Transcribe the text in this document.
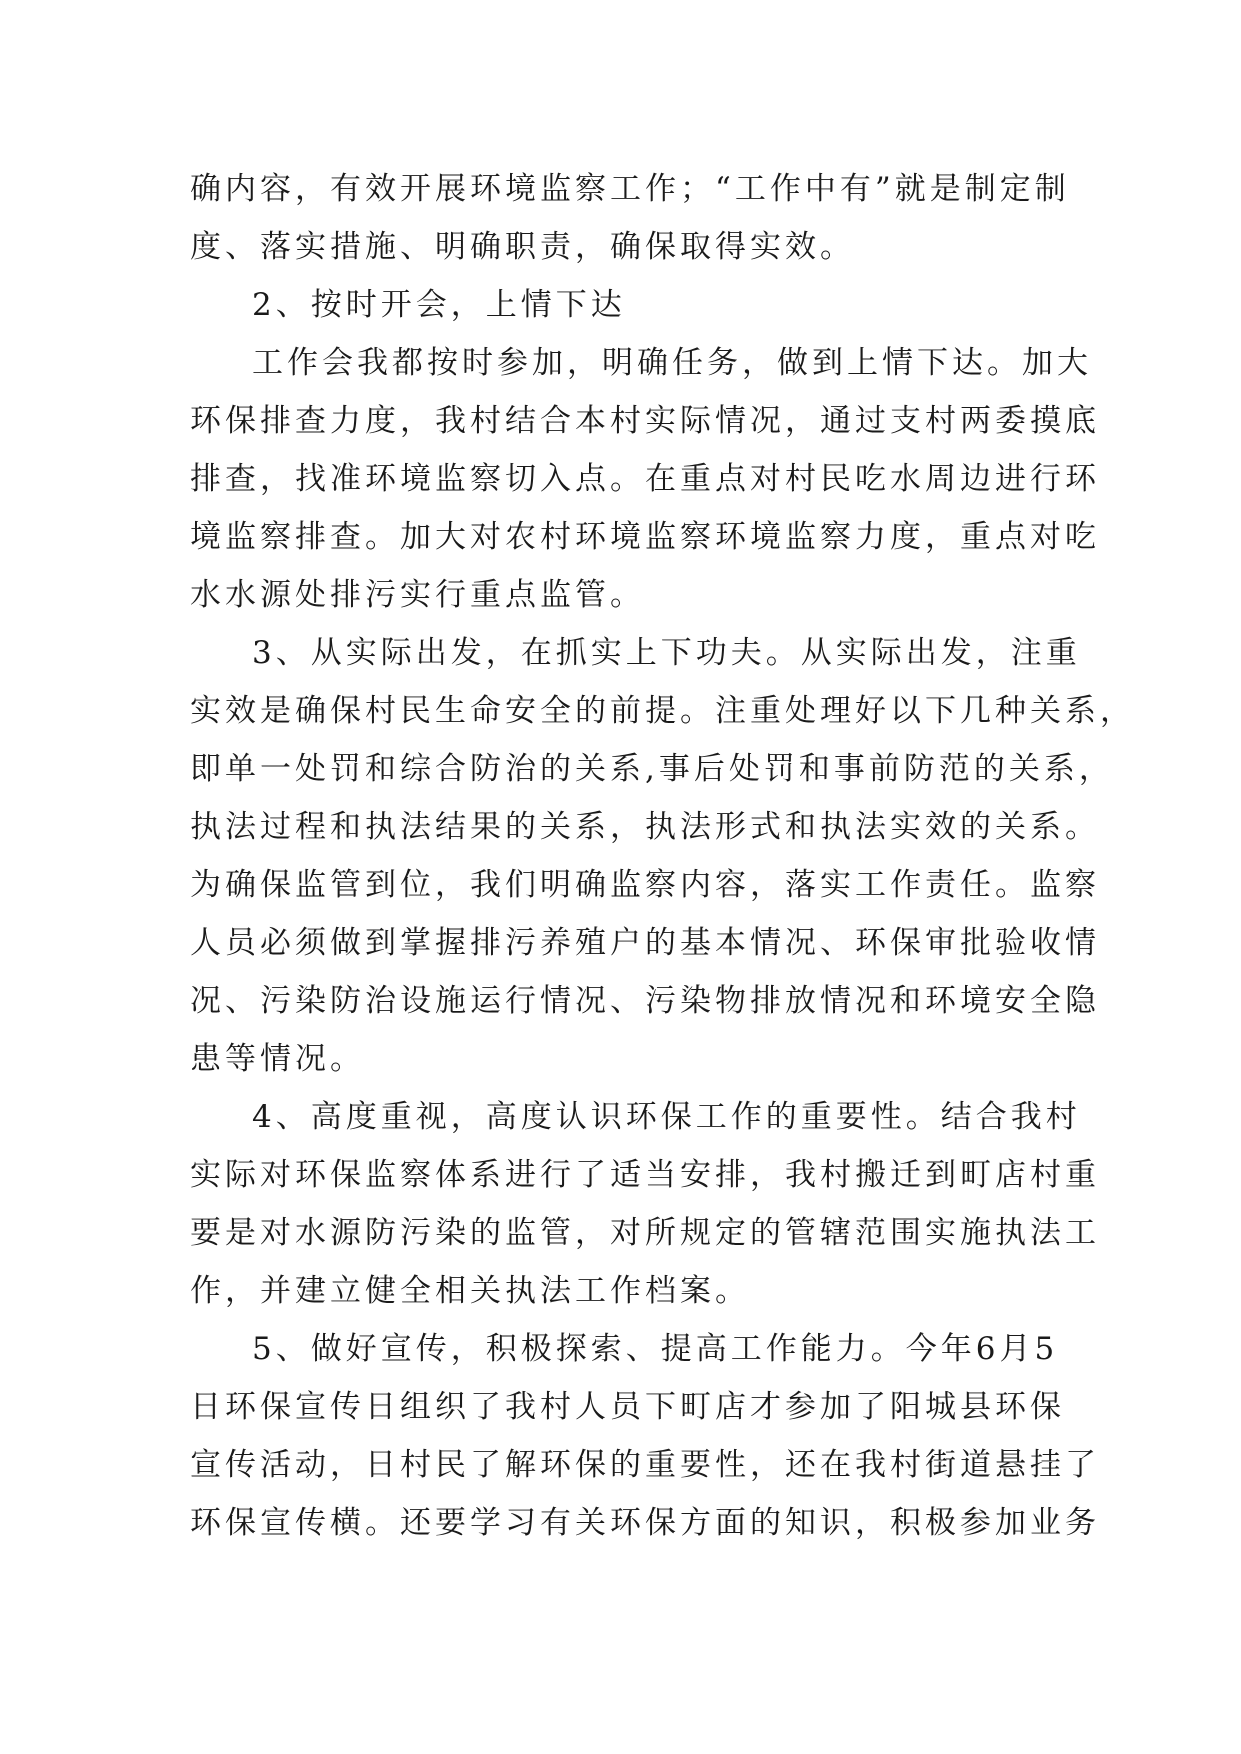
确内容，有效开展环境监察工作；“工作中有”就是制定制
度、落实措施、明确职责，确保取得实效。
2、按时开会，上情下达
工作会我都按时参加，明确任务，做到上情下达。加大
环保排查力度，我村结合本村实际情况，通过支村两委摸底
排查，找准环境监察切入点。在重点对村民吃水周边进行环
境监察排查。加大对农村环境监察环境监察力度，重点对吃
水水源处排污实行重点监管。
3、从实际出发，在抓实上下功夫。从实际出发，注重
实效是确保村民生命安全的前提。注重处理好以下几种关系，
即单一处罚和综合防治的关系,事后处罚和事前防范的关系，
执法过程和执法结果的关系，执法形式和执法实效的关系。
为确保监管到位，我们明确监察内容，落实工作责任。监察
人员必须做到掌握排污养殖户的基本情况、环保审批验收情
况、污染防治设施运行情况、污染物排放情况和环境安全隐
患等情况。
4、高度重视，高度认识环保工作的重要性。结合我村
实际对环保监察体系进行了适当安排，我村搬迁到町店村重
要是对水源防污染的监管，对所规定的管辖范围实施执法工
作，并建立健全相关执法工作档案。
5、做好宣传，积极探索、提高工作能力。今年6月5
日环保宣传日组织了我村人员下町店才参加了阳城县环保
宣传活动，日村民了解环保的重要性，还在我村街道悬挂了
环保宣传横。还要学习有关环保方面的知识，积极参加业务
